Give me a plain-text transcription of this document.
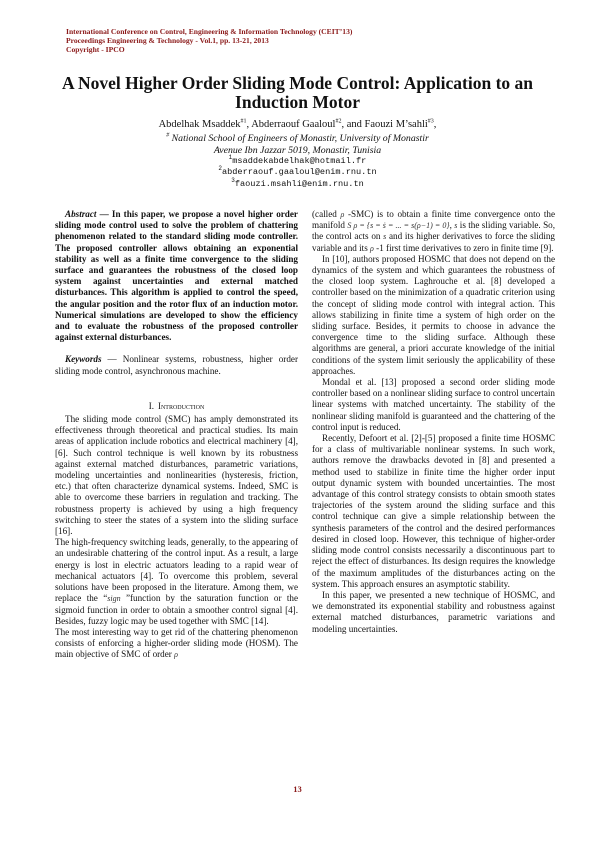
International Conference on Control, Engineering & Information Technology (CEIT’13)
Proceedings Engineering & Technology - Vol.1, pp. 13-21, 2013
Copyright - IPCO
A Novel Higher Order Sliding Mode Control: Application to an Induction Motor
Abdelhak Msaddek$^{\#1}$, Abderraouf Gaaloul$^{\#2}$, and Faouzi M’sahli$^{\#3}$,
# National School of Engineers of Monastir, University of Monastir
Avenue Ibn Jazzar 5019, Monastir, Tunisia
$^1$msaddekabdelhak@hotmail.fr
$^2$abderraouf.gaaloul@enim.rnu.tn
$^3$faouzi.msahli@enim.rnu.tn

Abstract — In this paper, we propose a novel higher order sliding mode control used to solve the problem of chattering phenomenon related to the standard sliding mode controller. The proposed controller allows obtaining an exponential stability as well as a finite time convergence to the sliding surface and guarantees the robustness of the closed loop system against uncertainties and external matched disturbances. This algorithm is applied to control the speed, the angular position and the rotor flux of an induction motor. Numerical simulations are developed to show the efficiency and to evaluate the robustness of the proposed controller against external disturbances.

Keywords — Nonlinear systems, robustness, higher order sliding mode control, asynchronous machine.

I. Introduction

The sliding mode control (SMC) has amply demonstrated its effectiveness through theoretical and practical studies. Its main areas of application include robotics and electrical machinery [4], [6]. Such control technique is well known by its robustness against external matched disturbances, parametric variations, modeling uncertainties and nonlinearities (hysteresis, friction, etc.) that often characterize dynamical systems. Indeed, SMC is able to overcome these barriers in regulation and tracking. The robustness property is achieved by using a high frequency switching to steer the states of a system into the sliding surface [16].

The high-frequency switching leads, generally, to the appearing of an undesirable chattering of the control input. As a result, a large energy is lost in electric actuators leading to a rapid wear of mechanical actuators [4]. To overcome this problem, several solutions have been proposed in the literature. Among them, we replace the “sign ”function by the saturation function or the sigmoid function in order to obtain a smoother control signal [4]. Besides, fuzzy logic may be used together with SMC [14].

The most interesting way to get rid of the chattering phenomenon consists of enforcing a higher-order sliding mode (HOSM). The main objective of SMC of order ρ

(called ρ -SMC) is to obtain a finite time convergence onto the manifold S ρ = {s = ṡ = ... = s(ρ−1) = 0}, s is the sliding variable. So, the control acts on s and its higher derivatives to force the sliding variable and its ρ -1 first time derivatives to zero in finite time [9].

In [10], authors proposed HOSMC that does not depend on the dynamics of the system and which guarantees the robustness of the closed loop system. Laghrouche et al. [8] developed a controller based on the minimization of a quadratic criterion using the concept of sliding mode control with integral action. This allows stabilizing in finite time a system of high order on the sliding surface. Besides, it permits to choose in advance the convergence time to the sliding surface. Although these algorithms are general, a priori accurate knowledge of the initial conditions of the system limit seriously the applicability of these approaches.

Mondal et al. [13] proposed a second order sliding mode controller based on a nonlinear sliding surface to control uncertain linear systems with matched uncertainty. The stability of the nonlinear sliding manifold is guaranteed and the chattering of the control input is reduced.

Recently, Defoort et al. [2]-[5] proposed a finite time HOSMC for a class of multivariable nonlinear systems. In such work, authors remove the drawbacks devoted in [8] and presented a method used to stabilize in finite time the higher order input output dynamic system with bounded uncertainties. The most advantage of this control strategy consists to obtain smooth states trajectories of the system around the sliding surface and this control technique can give a simple relationship between the synthesis parameters of the control and the desired performances desired in closed loop. However, this technique of higher-order sliding mode control consists necessarily a discontinuous part to reject the effect of disturbances. Its design requires the knowledge of the maximum amplitudes of the disturbances acting on the system. This approach ensures an asymptotic stability.

In this paper, we presented a new technique of HOSMC, and we demonstrated its exponential stability and robustness against external matched disturbances, parametric variations and modeling uncertainties.

13
